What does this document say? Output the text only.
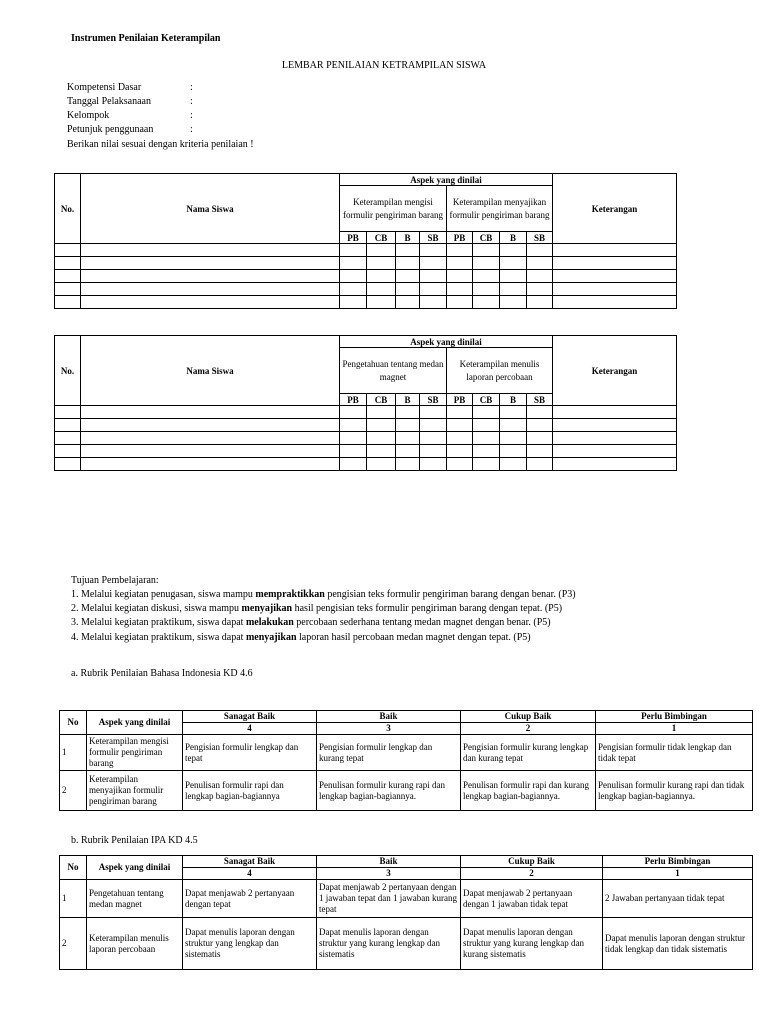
Instrumen Penilaian Keterampilan
LEMBAR PENILAIAN KETRAMPILAN SISWA
Kompetensi Dasar	:
Tanggal Pelaksanaan	:
Kelompok	:
Petunjuk penggunaan	:
Berikan nilai sesuai dengan kriteria penilaian !
No.	Nama Siswa	Aspek yang dinilai								Keterangan
		Keterampilan mengisi formulir pengiriman barang				Keterampilan menyajikan formulir pengiriman barang				
		PB	CB	B	SB	PB	CB	B	SB	

No.	Nama Siswa	Aspek yang dinilai								Keterangan
		Pengetahuan tentang medan magnet				Keterampilan menulis laporan percobaan				
		PB	CB	B	SB	PB	CB	B	SB	

Tujuan Pembelajaran:
1. Melalui kegiatan penugasan, siswa mampu mempraktikkan pengisian teks formulir pengiriman barang dengan benar. (P3)
2. Melalui kegiatan diskusi, siswa mampu menyajikan hasil pengisian teks formulir pengiriman barang dengan tepat. (P5)
3. Melalui kegiatan praktikum, siswa dapat melakukan percobaan sederhana tentang medan magnet dengan benar. (P5)
4. Melalui kegiatan praktikum, siswa dapat menyajikan laporan hasil percobaan medan magnet dengan tepat. (P5)
a. Rubrik Penilaian Bahasa Indonesia KD 4.6
No	Aspek yang dinilai	Sanagat Baik	Baik	Cukup Baik	Perlu Bimbingan
		4	3	2	1
1	Keterampilan mengisi formulir pengiriman barang	Pengisian formulir lengkap dan tepat	Pengisian formulir lengkap dan kurang tepat	Pengisian formulir kurang lengkap dan kurang tepat	Pengisian formulir tidak lengkap dan tidak tepat
2	Keterampilan menyajikan formulir pengiriman barang	Penulisan formulir rapi dan lengkap bagian-bagiannya	Penulisan formulir kurang rapi dan lengkap bagian-bagiannya.	Penulisan formulir rapi dan kurang lengkap bagian-bagiannya.	Penulisan formulir kurang rapi dan tidak lengkap bagian-bagiannya.
b. Rubrik Penilaian IPA KD 4.5
No	Aspek yang dinilai	Sanagat Baik	Baik	Cukup Baik	Perlu Bimbingan
		4	3	2	1
1	Pengetahuan tentang medan magnet	Dapat menjawab 2 pertanyaan dengan tepat	Dapat menjawab 2 pertanyaan dengan 1 jawaban tepat dan 1 jawaban kurang tepat	Dapat menjawab 2 pertanyaan dengan 1 jawaban tidak tepat	2 Jawaban pertanyaan tidak tepat
2	Keterampilan menulis laporan percobaan	Dapat menulis laporan dengan struktur yang lengkap dan sistematis	Dapat menulis laporan dengan struktur yang kurang lengkap dan sistematis	Dapat menulis laporan dengan struktur yang kurang lengkap dan kurang sistematis	Dapat menulis laporan dengan struktur tidak lengkap dan tidak sistematis
